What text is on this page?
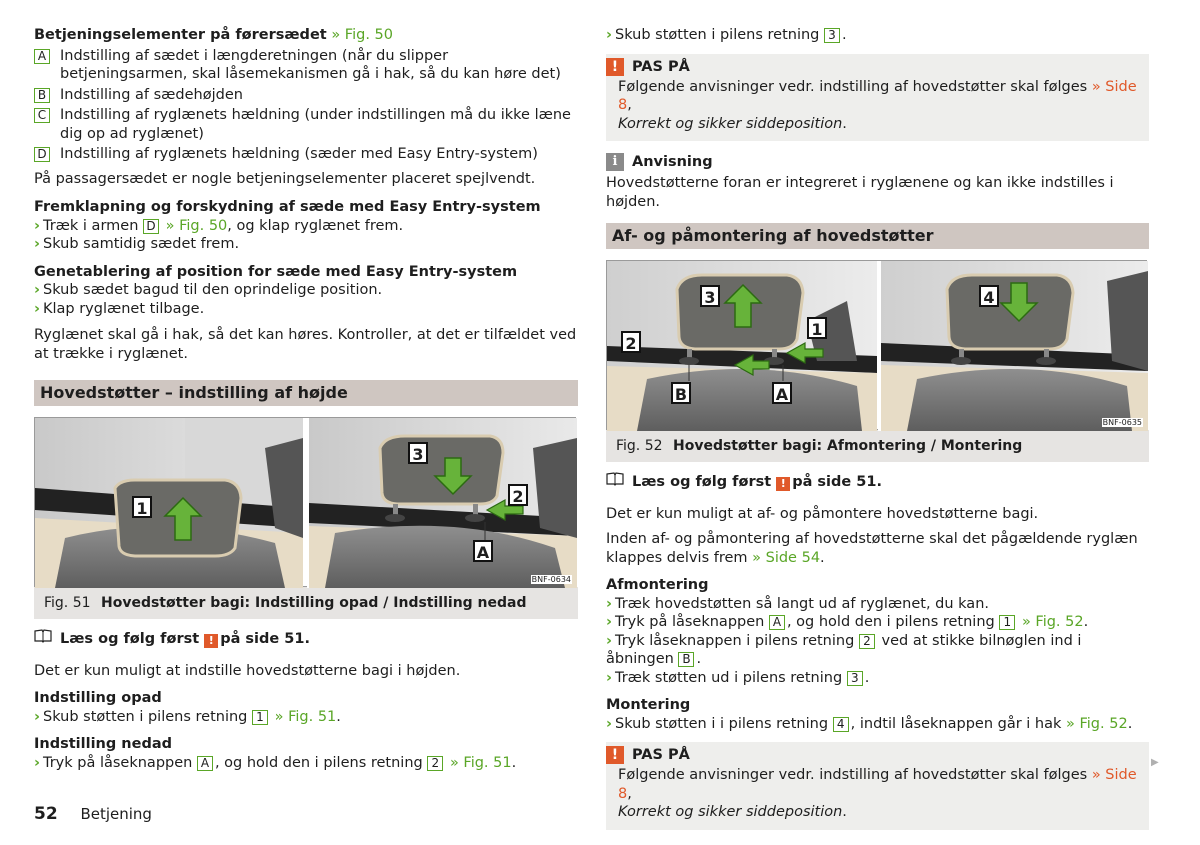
Betjeningselementer på førersædet » Fig. 50
A Indstilling af sædet i længderetningen (når du slipper betjeningsarmen, skal låsemekanismen gå i hak, så du kan høre det)
B Indstilling af sædehøjden
C Indstilling af ryglænets hældning (under indstillingen må du ikke læne dig op ad ryglænet)
D Indstilling af ryglænets hældning (sæder med Easy Entry-system)
På passagersædet er nogle betjeningselementer placeret spejlvendt.
Fremklapning og forskydning af sæde med Easy Entry-system
› Træk i armen D » Fig. 50, og klap ryglænet frem.
› Skub samtidig sædet frem.
Genetablering af position for sæde med Easy Entry-system
› Skub sædet bagud til den oprindelige position.
› Klap ryglænet tilbage.
Ryglænet skal gå i hak, så det kan høres. Kontroller, at det er tilfældet ved at trække i ryglænet.
Hovedstøtter – indstilling af højde
1
3
2
A
BNF-0634
Fig. 51 Hovedstøtter bagi: Indstilling opad / Indstilling nedad
Læs og følg først ! på side 51.
Det er kun muligt at indstille hovedstøtterne bagi i højden.
Indstilling opad
› Skub støtten i pilens retning 1 » Fig. 51.
Indstilling nedad
› Tryk på låseknappen A , og hold den i pilens retning 2 » Fig. 51.
› Skub støtten i pilens retning 3 .
! PAS PÅ
Følgende anvisninger vedr. indstilling af hovedstøtter skal følges » Side 8,
Korrekt og sikker siddeposition.
i	Anvisning
Hovedstøtterne foran er integreret i ryglænene og kan ikke indstilles i højden.
Af- og påmontering af hovedstøtter
3
2
1
B	A
4
BNF-0635
Fig. 52 Hovedstøtter bagi: Afmontering / Montering
Læs og følg først ! på side 51.
Det er kun muligt at af- og påmontere hovedstøtterne bagi.
Inden af- og påmontering af hovedstøtterne skal det pågældende ryglæn klappes delvis frem » Side 54.
Afmontering
› Træk hovedstøtten så langt ud af ryglænet, du kan.
› Tryk på låseknappen A , og hold den i pilens retning 1 » Fig. 52.
› Tryk låseknappen i pilens retning 2 ved at stikke bilnøglen ind i åbningen B .
› Træk støtten ud i pilens retning 3 .
Montering
› Skub støtten i i pilens retning 4 , indtil låseknappen går i hak » Fig. 52.
! PAS PÅ
Følgende anvisninger vedr. indstilling af hovedstøtter skal følges » Side 8,
Korrekt og sikker siddeposition.
▶
52 Betjening
